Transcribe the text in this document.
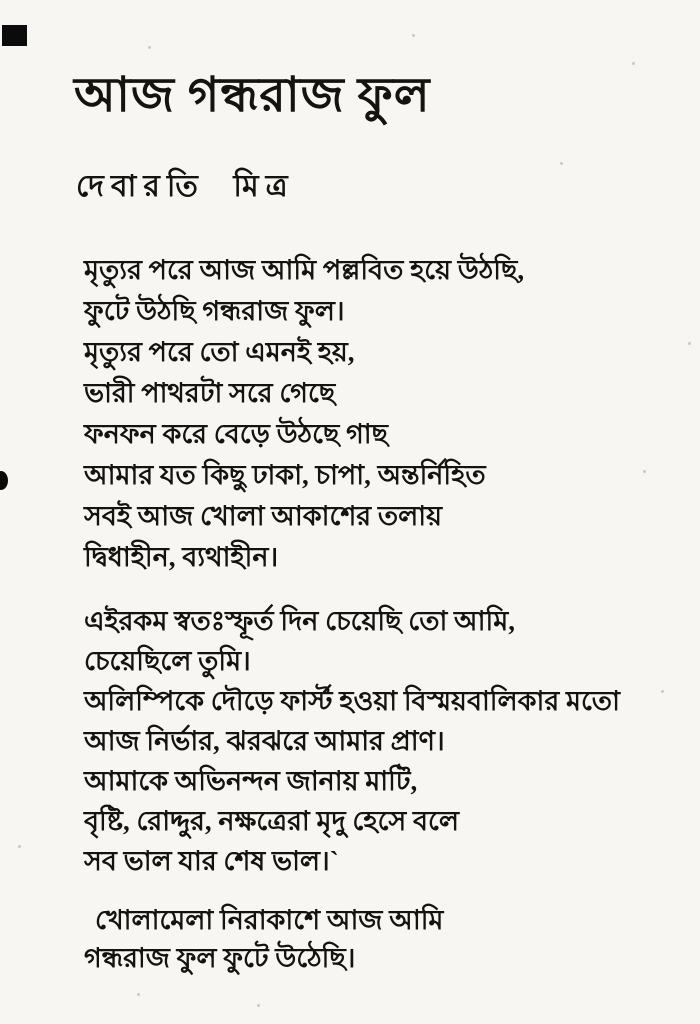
আজ গন্ধরাজ ফুল
দেবারতি মিত্র
মৃত্যুর পরে আজ আমি পল্লবিত হয়ে উঠছি,
ফুটে উঠছি গন্ধরাজ ফুল।
মৃত্যুর পরে তো এমনই হয়,
ভারী পাথরটা সরে গেছে
ফনফন করে বেড়ে উঠছে গাছ
আমার যত কিছু ঢাকা, চাপা, অন্তর্নিহিত
সবই আজ খোলা আকাশের তলায়
দ্বিধাহীন, ব্যথাহীন।
এইরকম স্বতঃস্ফূর্ত দিন চেয়েছি তো আমি,
চেয়েছিলে তুমি।
অলিম্পিকে দৌড়ে ফার্স্ট হওয়া বিস্ময়বালিকার মতো
আজ নির্ভার, ঝরঝরে আমার প্রাণ।
আমাকে অভিনন্দন জানায় মাটি,
বৃষ্টি, রোদ্দুর, নক্ষত্রেরা মৃদু হেসে বলে
সব ভাল যার শেষ ভাল।ˋ
খোলামেলা নিরাকাশে আজ আমি
গন্ধরাজ ফুল ফুটে উঠেছি।
